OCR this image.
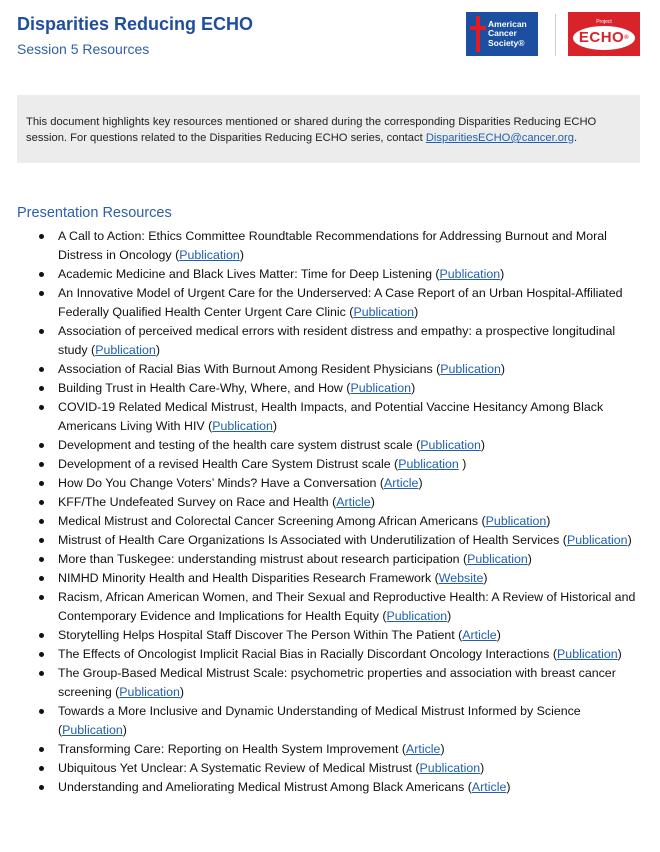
Disparities Reducing ECHO
Session 5 Resources
American
Cancer
Society®
Project
ECHO ®
This document highlights key resources mentioned or shared during the corresponding Disparities Reducing ECHO session. For questions related to the Disparities Reducing ECHO series, contact DisparitiesECHO@cancer.org.
Presentation Resources
A Call to Action: Ethics Committee Roundtable Recommendations for Addressing Burnout and Moral Distress in Oncology (Publication)
Academic Medicine and Black Lives Matter: Time for Deep Listening (Publication)
An Innovative Model of Urgent Care for the Underserved: A Case Report of an Urban Hospital-Affiliated Federally Qualified Health Center Urgent Care Clinic (Publication)
Association of perceived medical errors with resident distress and empathy: a prospective longitudinal study (Publication)
Association of Racial Bias With Burnout Among Resident Physicians (Publication)
Building Trust in Health Care-Why, Where, and How (Publication)
COVID-19 Related Medical Mistrust, Health Impacts, and Potential Vaccine Hesitancy Among Black Americans Living With HIV (Publication)
Development and testing of the health care system distrust scale (Publication)
Development of a revised Health Care System Distrust scale (Publication )
How Do You Change Voters’ Minds? Have a Conversation (Article)
KFF/The Undefeated Survey on Race and Health (Article)
Medical Mistrust and Colorectal Cancer Screening Among African Americans (Publication)
Mistrust of Health Care Organizations Is Associated with Underutilization of Health Services (Publication)
More than Tuskegee: understanding mistrust about research participation (Publication)
NIMHD Minority Health and Health Disparities Research Framework (Website)
Racism, African American Women, and Their Sexual and Reproductive Health: A Review of Historical and Contemporary Evidence and Implications for Health Equity (Publication)
Storytelling Helps Hospital Staff Discover The Person Within The Patient (Article)
The Effects of Oncologist Implicit Racial Bias in Racially Discordant Oncology Interactions (Publication)
The Group-Based Medical Mistrust Scale: psychometric properties and association with breast cancer screening (Publication)
Towards a More Inclusive and Dynamic Understanding of Medical Mistrust Informed by Science (Publication)
Transforming Care: Reporting on Health System Improvement (Article)
Ubiquitous Yet Unclear: A Systematic Review of Medical Mistrust (Publication)
Understanding and Ameliorating Medical Mistrust Among Black Americans (Article)
